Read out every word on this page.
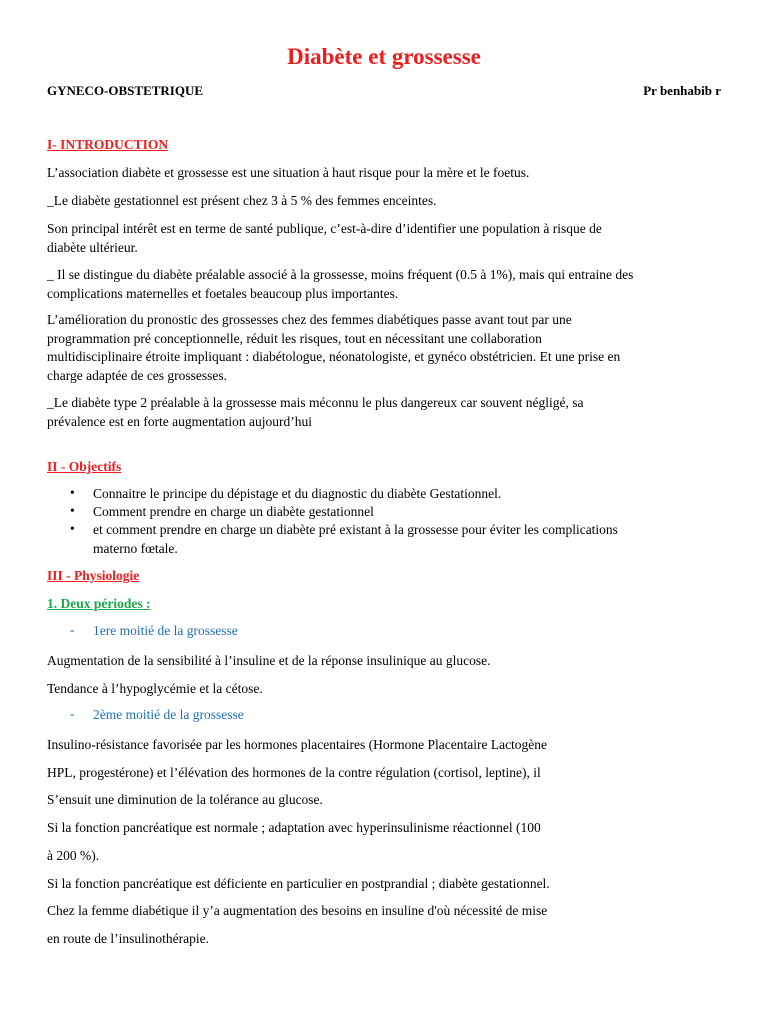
Diabète et grossesse
GYNECO-OBSTETRIQUE	Pr benhabib r
I- INTRODUCTION
L’association diabète et grossesse est une situation à haut risque pour la mère et le foetus.
_Le diabète gestationnel est présent chez 3 à 5 % des femmes enceintes.
Son principal intérêt est en terme de santé publique, c’est-à-dire d’identifier une population à risque de
diabète ultérieur.
_ Il se distingue du diabète préalable associé à la grossesse, moins fréquent (0.5 à 1%), mais qui entraine des
complications maternelles et foetales beaucoup plus importantes.
L’amélioration du pronostic des grossesses chez des femmes diabétiques passe avant tout par une
programmation pré conceptionnelle, réduit les risques, tout en nécessitant une collaboration
multidisciplinaire étroite impliquant : diabétologue, néonatologiste, et gynéco obstétricien. Et une prise en
charge adaptée de ces grossesses.
_Le diabète type 2 préalable à la grossesse mais méconnu le plus dangereux car souvent négligé, sa
prévalence est en forte augmentation aujourd’hui
II - Objectifs
• Connaitre le principe du dépistage et du diagnostic du diabète Gestationnel.
• Comment prendre en charge un diabète gestationnel
• et comment prendre en charge un diabète pré existant à la grossesse pour éviter les complications
materno fœtale.
III - Physiologie
1. Deux périodes :
- 1ere moitié de la grossesse
Augmentation de la sensibilité à l’insuline et de la réponse insulinique au glucose.
Tendance à l’hypoglycémie et la cétose.
- 2ème moitié de la grossesse
Insulino-résistance favorisée par les hormones placentaires (Hormone Placentaire Lactogène
HPL, progestérone) et l’élévation des hormones de la contre régulation (cortisol, leptine), il
S’ensuit une diminution de la tolérance au glucose.
Si la fonction pancréatique est normale ; adaptation avec hyperinsulinisme réactionnel (100
à 200 %).
Si la fonction pancréatique est déficiente en particulier en postprandial ; diabète gestationnel.
Chez la femme diabétique il y’a augmentation des besoins en insuline d'où nécessité de mise
en route de l’insulinothérapie.
